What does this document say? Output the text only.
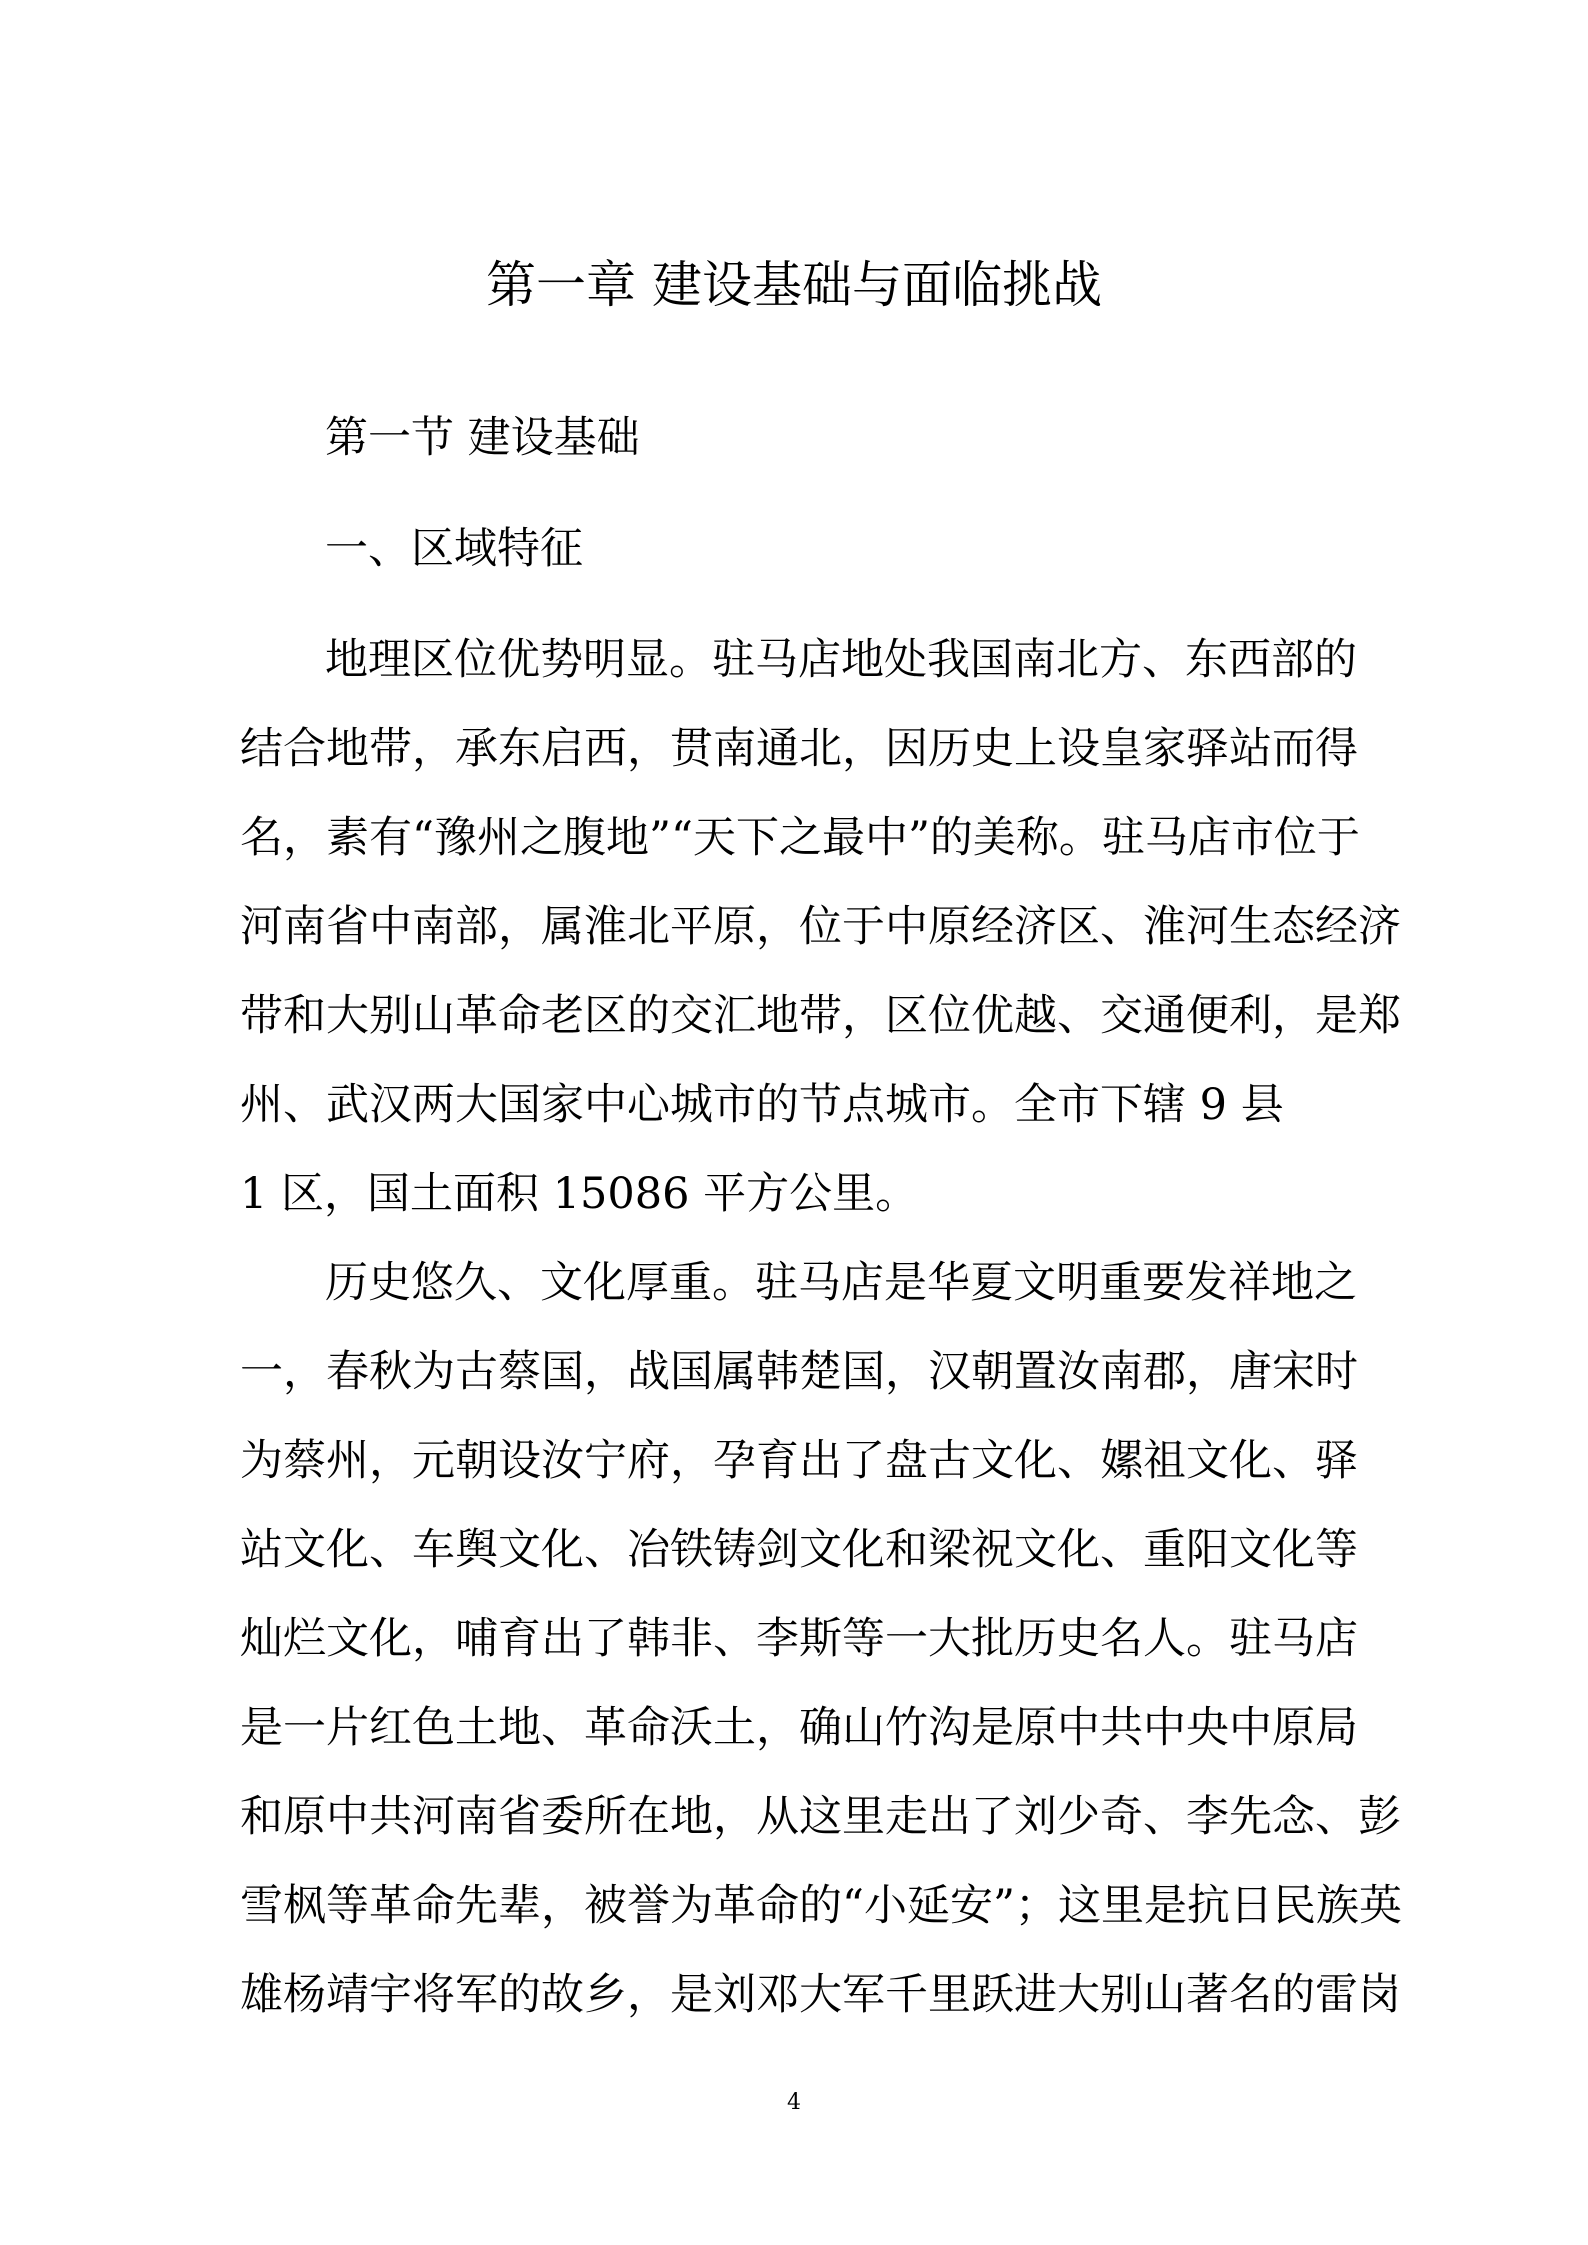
第一章 建设基础与面临挑战
第一节 建设基础
一、区域特征

地理区位优势明显。驻马店地处我国南北方、东西部的

结合地带，承东启西，贯南通北，因历史上设皇家驿站而得

名，素有“豫州之腹地”“天下之最中”的美称。驻马店市位于

河南省中南部，属淮北平原，位于中原经济区、淮河生态经济

带和大别山革命老区的交汇地带，区位优越、交通便利，是郑

州、武汉两大国家中心城市的节点城市。全市下辖 9 县

1 区，国土面积 15086 平方公里。

历史悠久、文化厚重。驻马店是华夏文明重要发祥地之

一，春秋为古蔡国，战国属韩楚国，汉朝置汝南郡，唐宋时

为蔡州，元朝设汝宁府，孕育出了盘古文化、嫘祖文化、驿

站文化、车舆文化、冶铁铸剑文化和梁祝文化、重阳文化等

灿烂文化，哺育出了韩非、李斯等一大批历史名人。驻马店

是一片红色土地、革命沃土，确山竹沟是原中共中央中原局

和原中共河南省委所在地，从这里走出了刘少奇、李先念、彭

雪枫等革命先辈，被誉为革命的“小延安”；这里是抗日民族英

雄杨靖宇将军的故乡，是刘邓大军千里跃进大别山著名的雷岗

4
